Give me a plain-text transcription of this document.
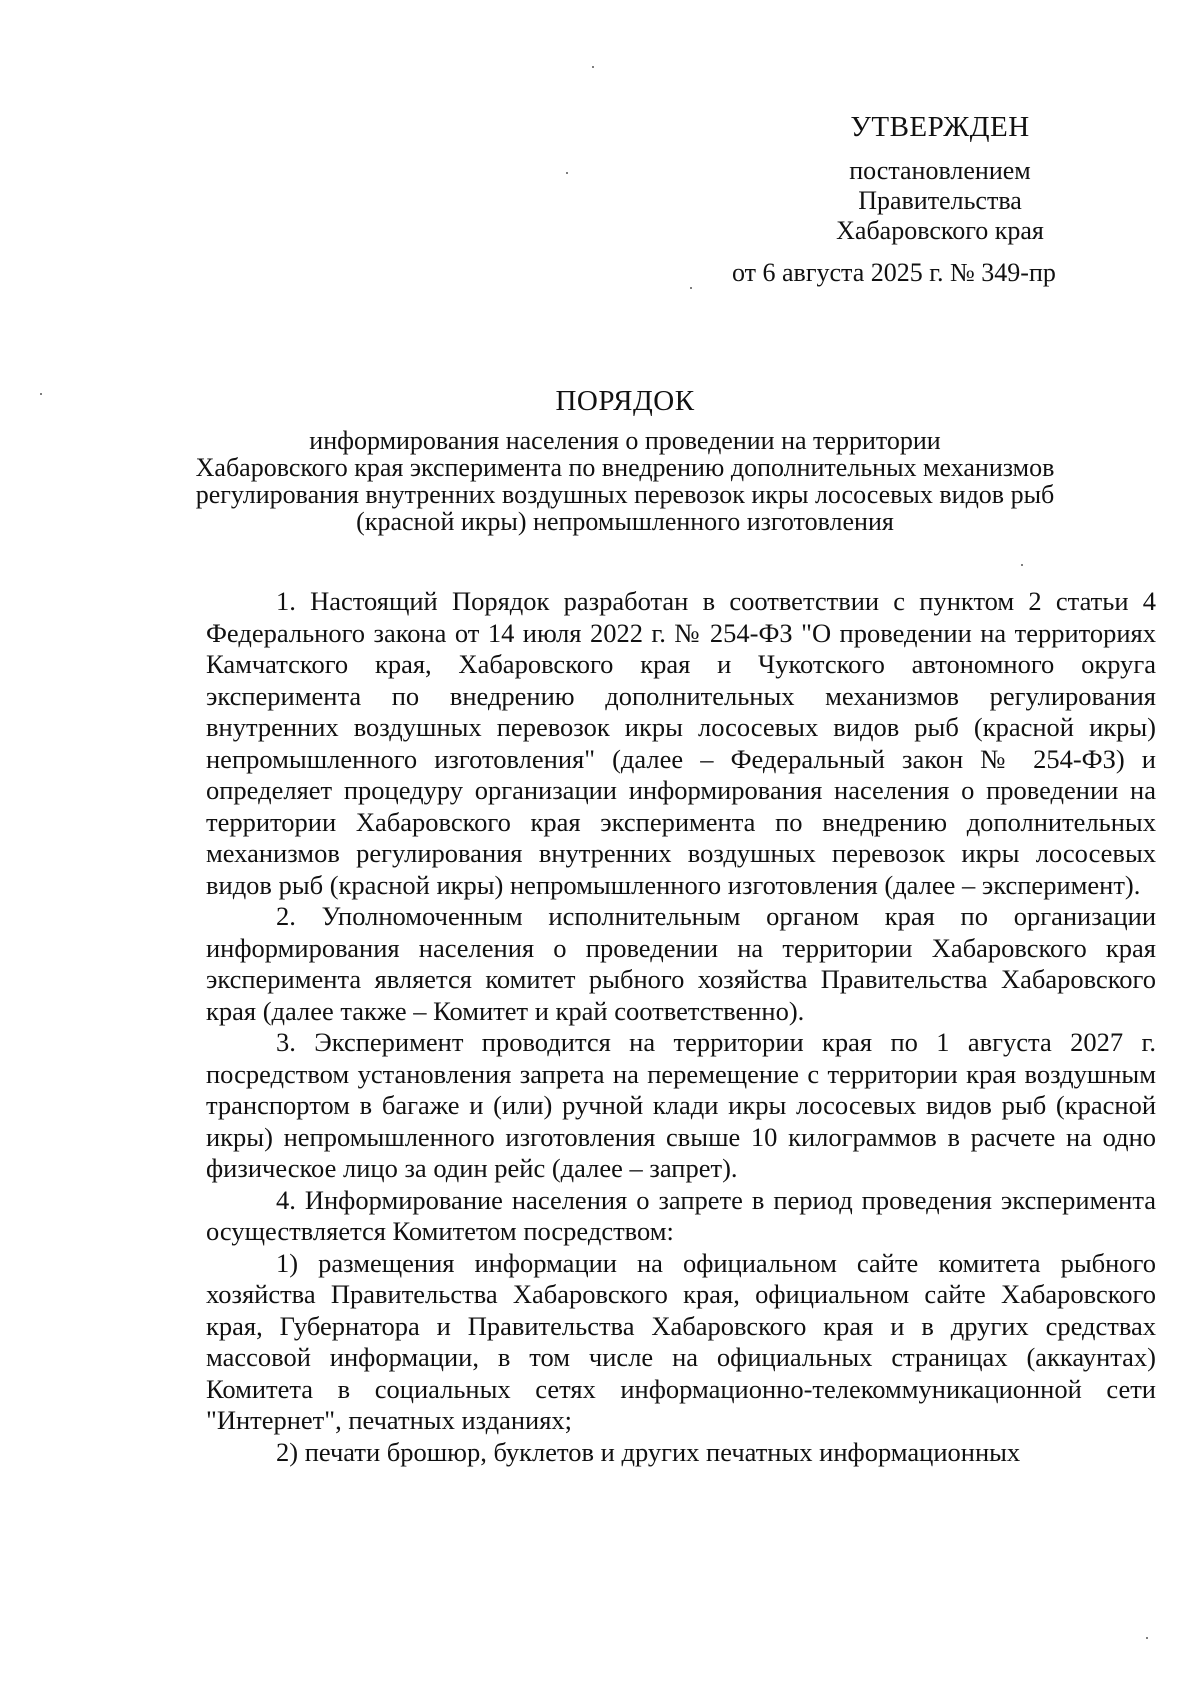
УТВЕРЖДЕН
постановлением
Правительства
Хабаровского края
от 6 августа 2025 г. № 349-пр
ПОРЯДОК
информирования населения о проведении на территории
Хабаровского края эксперимента по внедрению дополнительных механизмов
регулирования внутренних воздушных перевозок икры лососевых видов рыб
(красной икры) непромышленного изготовления

1. Настоящий Порядок разработан в соответствии с пунктом 2 статьи 4 Федерального закона от 14 июля 2022 г. № 254-ФЗ "О проведении на территориях Камчатского края, Хабаровского края и Чукотского автономного округа эксперимента по внедрению дополнительных механизмов регулирования внутренних воздушных перевозок икры лососевых видов рыб (красной икры) непромышленного изготовления" (далее – Федеральный закон № 254-ФЗ) и определяет процедуру организации информирования населения о проведении на территории Хабаровского края эксперимента по внедрению дополнительных механизмов регулирования внутренних воздушных перевозок икры лососевых видов рыб (красной икры) непромышленного изготовления (далее – эксперимент).

2. Уполномоченным исполнительным органом края по организации информирования населения о проведении на территории Хабаровского края эксперимента является комитет рыбного хозяйства Правительства Хабаровского края (далее также – Комитет и край соответственно).

3. Эксперимент проводится на территории края по 1 августа 2027 г. посредством установления запрета на перемещение с территории края воздушным транспортом в багаже и (или) ручной клади икры лососевых видов рыб (красной икры) непромышленного изготовления свыше 10 килограммов в расчете на одно физическое лицо за один рейс (далее – запрет).

4. Информирование населения о запрете в период проведения эксперимента осуществляется Комитетом посредством:

1) размещения информации на официальном сайте комитета рыбного хозяйства Правительства Хабаровского края, официальном сайте Хабаровского края, Губернатора и Правительства Хабаровского края и в других средствах массовой информации, в том числе на официальных страницах (аккаунтах) Комитета в социальных сетях информационно-телекоммуникационной сети "Интернет", печатных изданиях;

2) печати брошюр, буклетов и других печатных информационных
